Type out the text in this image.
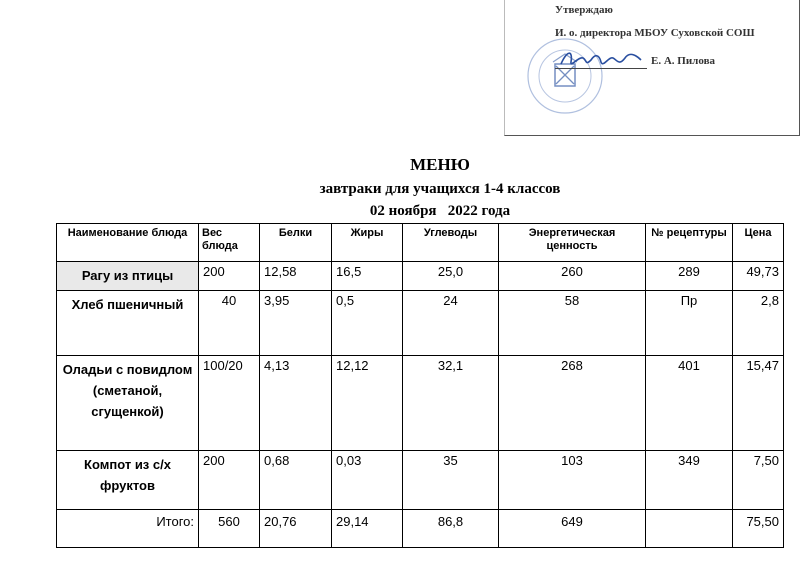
Утверждаю
И. о. директора МБОУ Суховской СОШ
Е. А. Пилова
МЕНЮ
завтраки для учащихся 1-4 классов
02 ноября   2022 года
Наименование блюда	Вес блюда	Белки	Жиры	Углеводы	Энергетическая ценность	№ рецептуры	Цена
Рагу из птицы	200	12,58	16,5	25,0	260	289	49,73
Хлеб пшеничный	40	3,95	0,5	24	58	Пр	2,8
Оладьи с повидлом (сметаной, сгущенкой)	100/20	4,13	12,12	32,1	268	401	15,47
Компот из с/х фруктов	200	0,68	0,03	35	103	349	7,50
Итого:	560	20,76	29,14	86,8	649		75,50
